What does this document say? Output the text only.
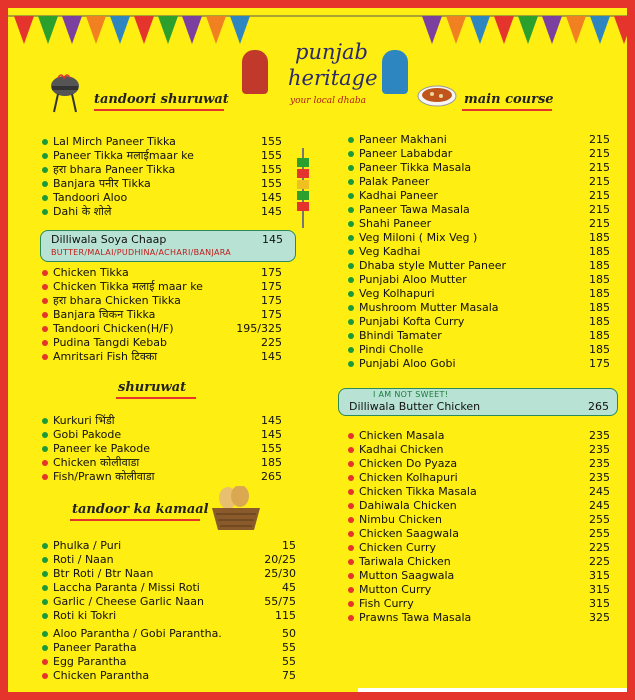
punjab
heritage
your local dhaba
tandoori shuruwat
Lal Mirch Paneer Tikka	155
Paneer Tikka मलाईmaar ke	155
हरा bhara Paneer Tikka	155
Banjara पनीर Tikka	155
Tandoori Aloo	145
Dahi के शोले	145
Dilliwala Soya Chaap	145
BUTTER/MALAI/PUDHINA/ACHARI/BANJARA
Chicken Tikka	175
Chicken Tikka मलाई maar ke	175
हरा bhara Chicken Tikka	175
Banjara चिकन Tikka	175
Tandoori Chicken(H/F)	195/325
Pudina Tangdi Kebab	225
Amritsari Fish टिक्का	145
shuruwat
Kurkuri भिंडी	145
Gobi Pakode	145
Paneer ke Pakode	155
Chicken कोलीवाडा	185
Fish/Prawn कोलीवाडा	265
tandoor ka kamaal
Phulka / Puri	15
Roti / Naan	20/25
Btr Roti / Btr Naan	25/30
Laccha Paranta / Missi Roti	45
Garlic / Cheese Garlic Naan	55/75
Roti ki Tokri	115
Aloo Parantha / Gobi Parantha.	50
Paneer Paratha	55
Egg Parantha	55
Chicken Parantha	75
main course
Paneer Makhani	215
Paneer Lababdar	215
Paneer Tikka Masala	215
Palak Paneer	215
Kadhai Paneer	215
Paneer Tawa Masala	215
Shahi Paneer	215
Veg Miloni ( Mix Veg )	185
Veg Kadhai	185
Dhaba style Mutter Paneer	185
Punjabi Aloo Mutter	185
Veg Kolhapuri	185
Mushroom Mutter Masala	185
Punjabi Kofta Curry	185
Bhindi Tamater	185
Pindi Cholle	185
Punjabi Aloo Gobi	175
I AM NOT SWEET!
Dilliwala Butter Chicken	265
Chicken Masala	235
Kadhai Chicken	235
Chicken Do Pyaza	235
Chicken Kolhapuri	235
Chicken Tikka Masala	245
Dahiwala Chicken	245
Nimbu Chicken	255
Chicken Saagwala	255
Chicken Curry	225
Tariwala Chicken	225
Mutton Saagwala	315
Mutton Curry	315
Fish Curry	315
Prawns Tawa Masala	325
